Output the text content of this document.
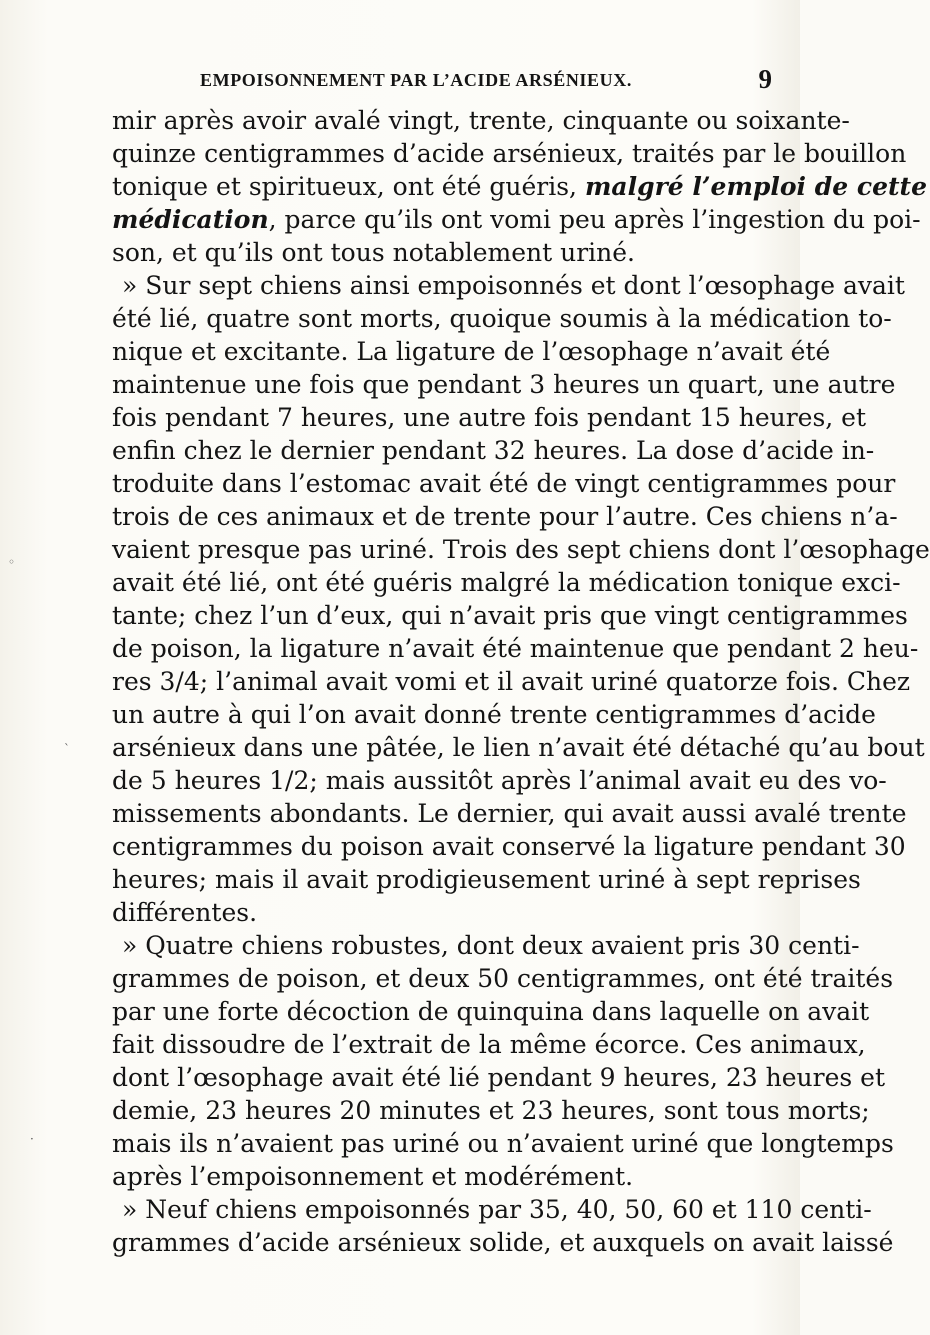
EMPOISONNEMENT PAR L’ACIDE ARSÉNIEUX.	9
◦
`
·
mir après avoir avalé vingt, trente, cinquante ou soixante-
quinze centigrammes d’acide arsénieux, traités par le bouillon
tonique et spiritueux, ont été guéris, malgré l’emploi de cette
médication, parce qu’ils ont vomi peu après l’ingestion du poi-
son, et qu’ils ont tous notablement uriné.
» Sur sept chiens ainsi empoisonnés et dont l’œsophage avait
été lié, quatre sont morts, quoique soumis à la médication to-
nique et excitante. La ligature de l’œsophage n’avait été
maintenue une fois que pendant 3 heures un quart, une autre
fois pendant 7 heures, une autre fois pendant 15 heures, et
enfin chez le dernier pendant 32 heures. La dose d’acide in-
troduite dans l’estomac avait été de vingt centigrammes pour
trois de ces animaux et de trente pour l’autre. Ces chiens n’a-
vaient presque pas uriné. Trois des sept chiens dont l’œsophage
avait été lié, ont été guéris malgré la médication tonique exci-
tante; chez l’un d’eux, qui n’avait pris que vingt centigrammes
de poison, la ligature n’avait été maintenue que pendant 2 heu-
res 3/4; l’animal avait vomi et il avait uriné quatorze fois. Chez
un autre à qui l’on avait donné trente centigrammes d’acide
arsénieux dans une pâtée, le lien n’avait été détaché qu’au bout
de 5 heures 1/2; mais aussitôt après l’animal avait eu des vo-
missements abondants. Le dernier, qui avait aussi avalé trente
centigrammes du poison avait conservé la ligature pendant 30
heures; mais il avait prodigieusement uriné à sept reprises
différentes.
» Quatre chiens robustes, dont deux avaient pris 30 centi-
grammes de poison, et deux 50 centigrammes, ont été traités
par une forte décoction de quinquina dans laquelle on avait
fait dissoudre de l’extrait de la même écorce. Ces animaux,
dont l’œsophage avait été lié pendant 9 heures, 23 heures et
demie, 23 heures 20 minutes et 23 heures, sont tous morts;
mais ils n’avaient pas uriné ou n’avaient uriné que longtemps
après l’empoisonnement et modérément.
» Neuf chiens empoisonnés par 35, 40, 50, 60 et 110 centi-
grammes d’acide arsénieux solide, et auxquels on avait laissé
